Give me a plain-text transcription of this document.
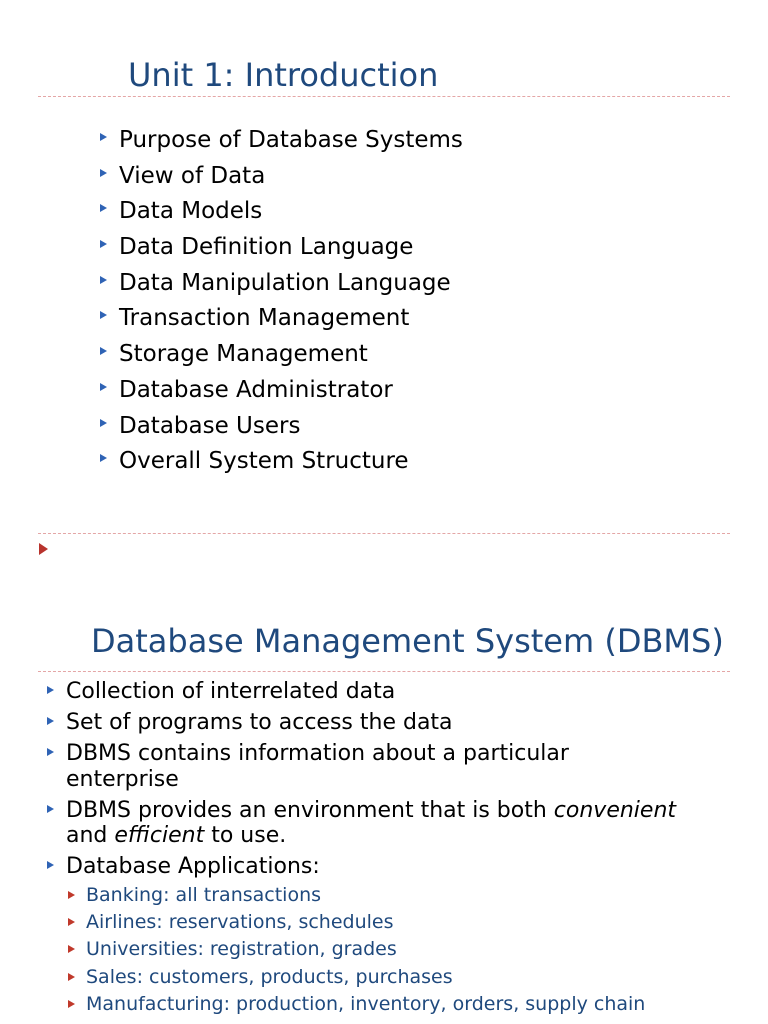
Unit 1: Introduction
Purpose of Database Systems
View of Data
Data Models
Data Definition Language
Data Manipulation Language
Transaction Management
Storage Management
Database Administrator
Database Users
Overall System Structure
Database Management System (DBMS)
Collection of interrelated data
Set of programs to access the data
DBMS contains information about a particular enterprise
DBMS provides an environment that is both convenient and efficient to use.
Database Applications:
Banking: all transactions
Airlines: reservations, schedules
Universities: registration, grades
Sales: customers, products, purchases
Manufacturing: production, inventory, orders, supply chain
